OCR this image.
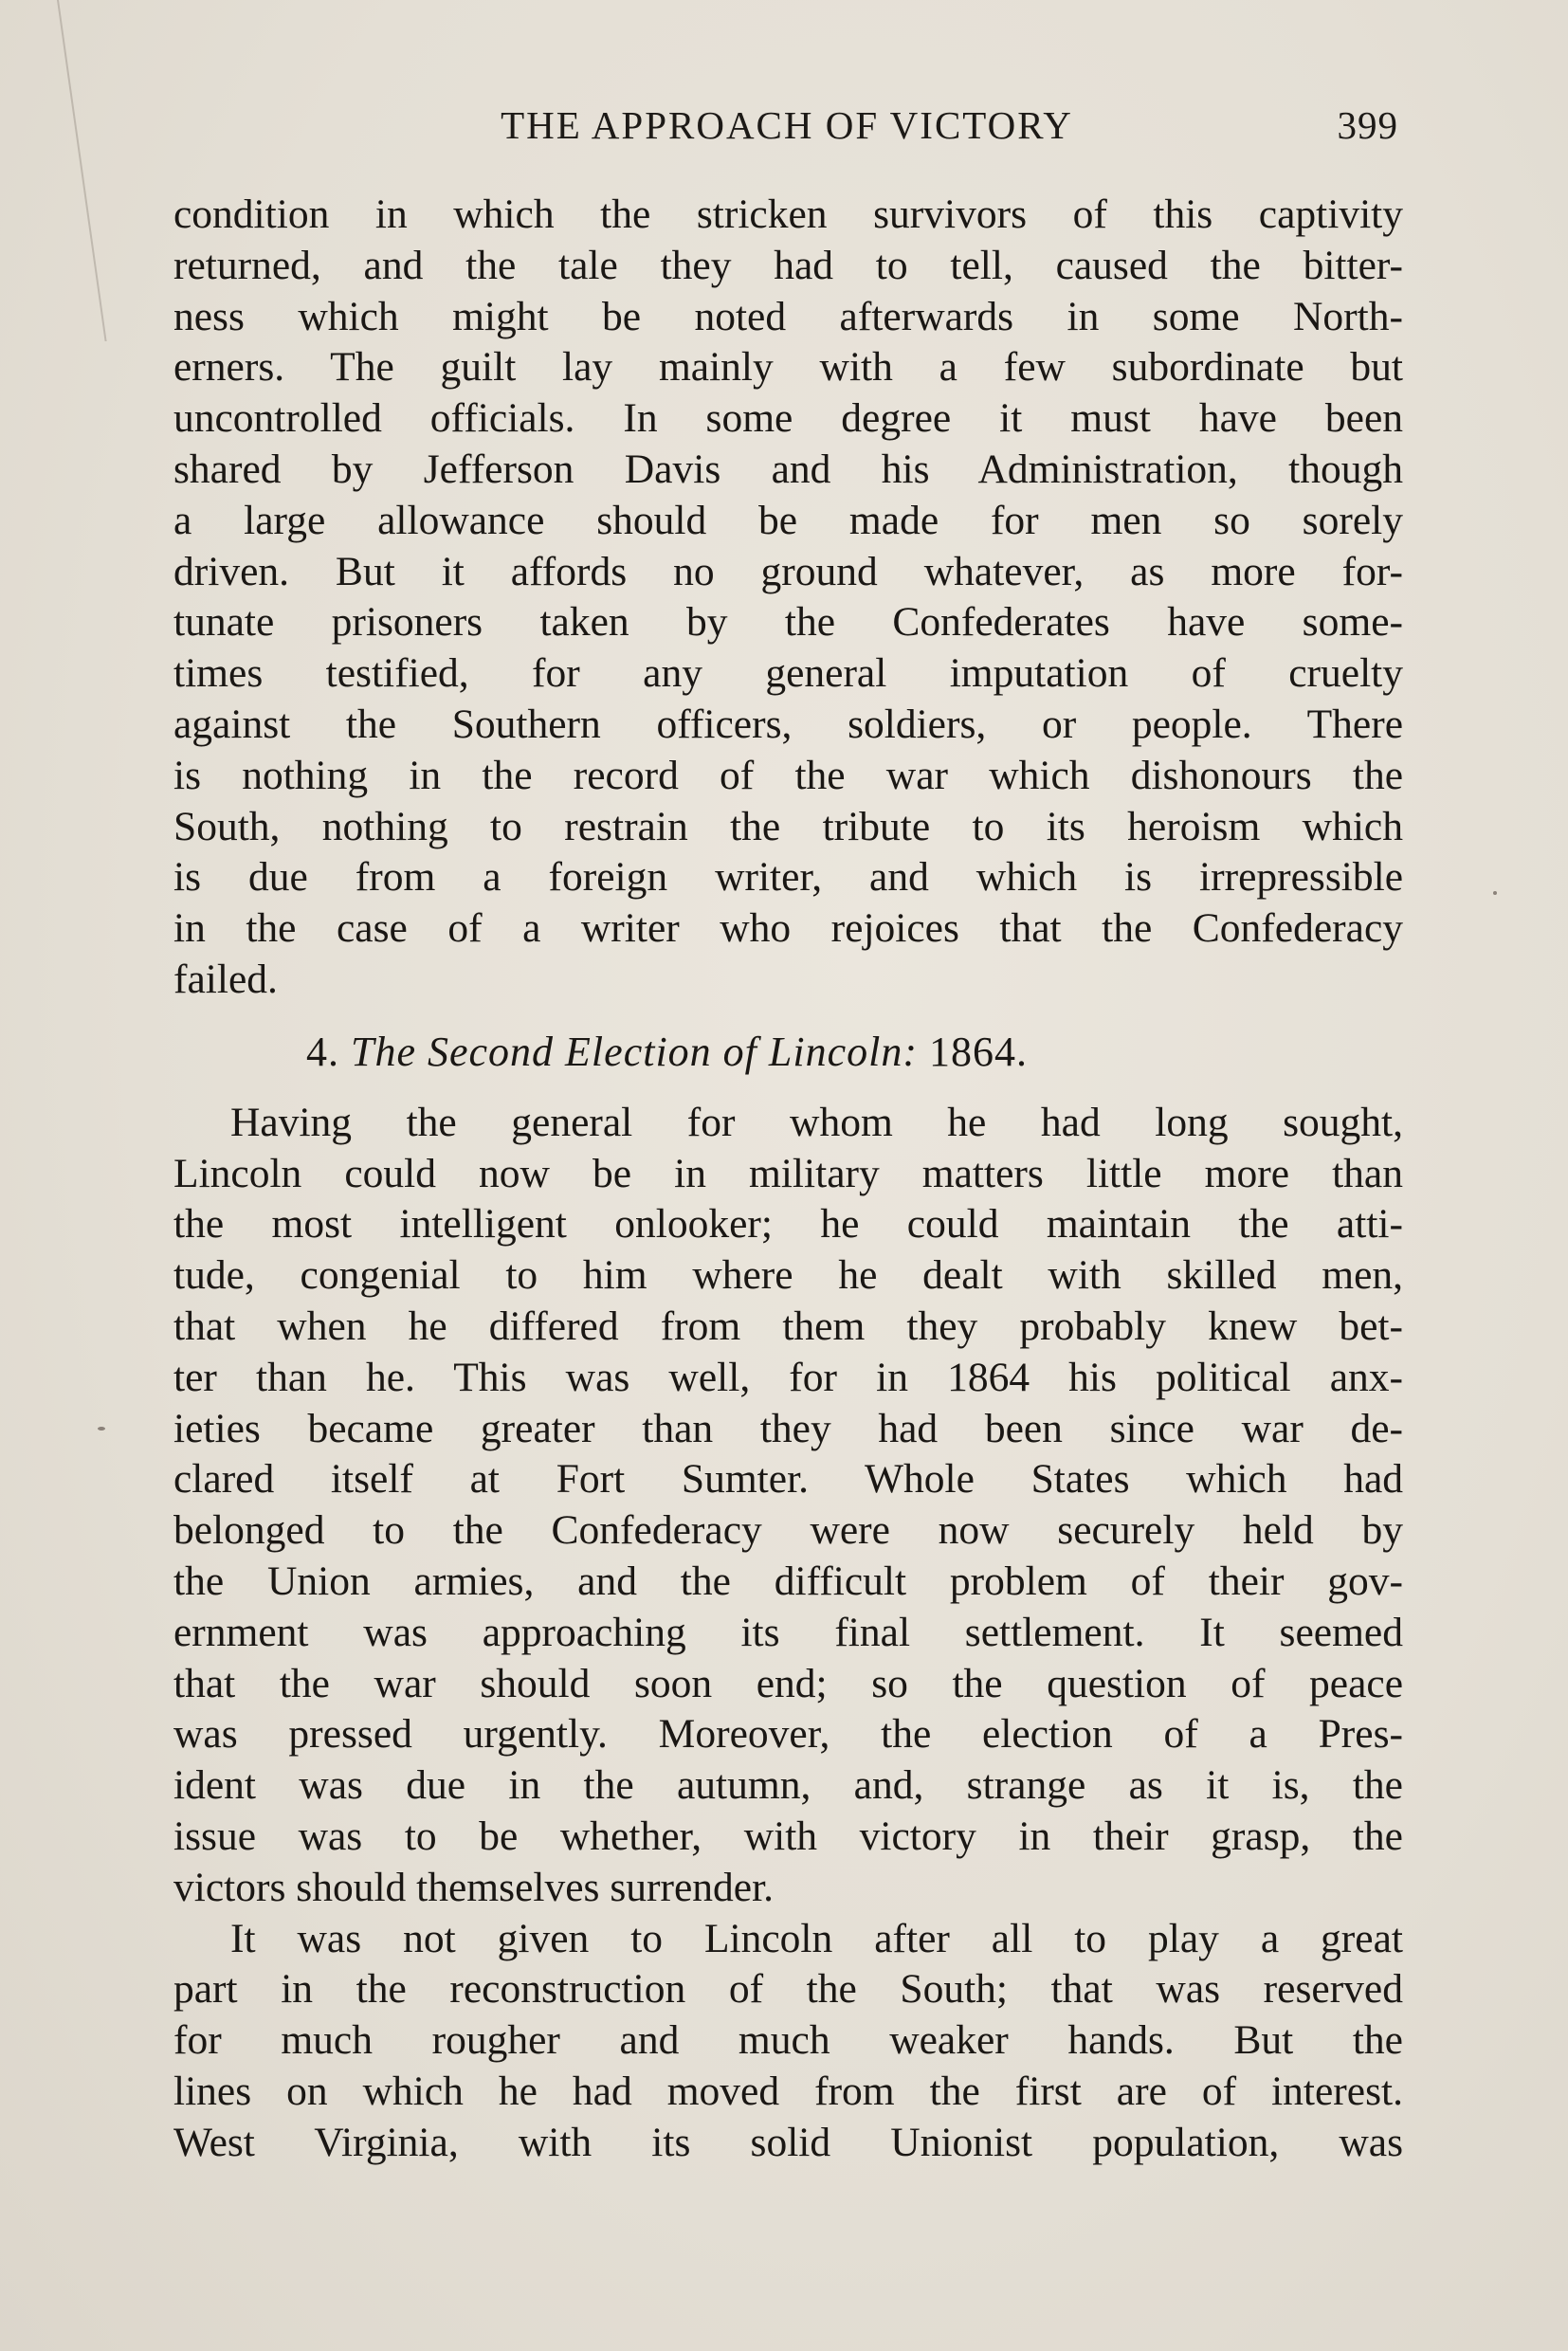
THE APPROACH OF VICTORY	399
condition in which the stricken survivors of this captivity
returned, and the tale they had to tell, caused the bitter-
ness which might be noted afterwards in some North-
erners. The guilt lay mainly with a few subordinate but
uncontrolled officials. In some degree it must have been
shared by Jefferson Davis and his Administration, though
a large allowance should be made for men so sorely
driven. But it affords no ground whatever, as more for-
tunate prisoners taken by the Confederates have some-
times testified, for any general imputation of cruelty
against the Southern officers, soldiers, or people. There
is nothing in the record of the war which dishonours the
South, nothing to restrain the tribute to its heroism which
is due from a foreign writer, and which is irrepressible
in the case of a writer who rejoices that the Confederacy
failed.
4. The Second Election of Lincoln: 1864.
Having the general for whom he had long sought,
Lincoln could now be in military matters little more than
the most intelligent onlooker; he could maintain the atti-
tude, congenial to him where he dealt with skilled men,
that when he differed from them they probably knew bet-
ter than he. This was well, for in 1864 his political anx-
ieties became greater than they had been since war de-
clared itself at Fort Sumter. Whole States which had
belonged to the Confederacy were now securely held by
the Union armies, and the difficult problem of their gov-
ernment was approaching its final settlement. It seemed
that the war should soon end; so the question of peace
was pressed urgently. Moreover, the election of a Pres-
ident was due in the autumn, and, strange as it is, the
issue was to be whether, with victory in their grasp, the
victors should themselves surrender.
It was not given to Lincoln after all to play a great
part in the reconstruction of the South; that was reserved
for much rougher and much weaker hands. But the
lines on which he had moved from the first are of interest.
West Virginia, with its solid Unionist population, was
